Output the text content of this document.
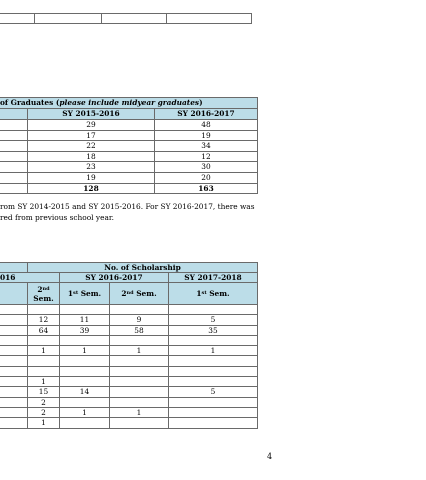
of Graduates (please include midyear graduates)		
	SY 2015-2016	SY 2016-2017
	29	48
	17	19
	22	34
	18	12
	23	30
	19	20
	128	163

rom SY 2014-2015 and SY 2015-2016. For SY 2016-2017, there was
red from previous school year.

	No. of Scholarship			
016		SY 2016-2017		SY 2017-2018
	2nd
Sem.	1st Sem.	2nd Sem.	1st Sem.

	12	11	9	5
	64	39	58	35

	1	1	1	1

	1			
	15	14		5
	2			
	2	1	1	
	1			
4
